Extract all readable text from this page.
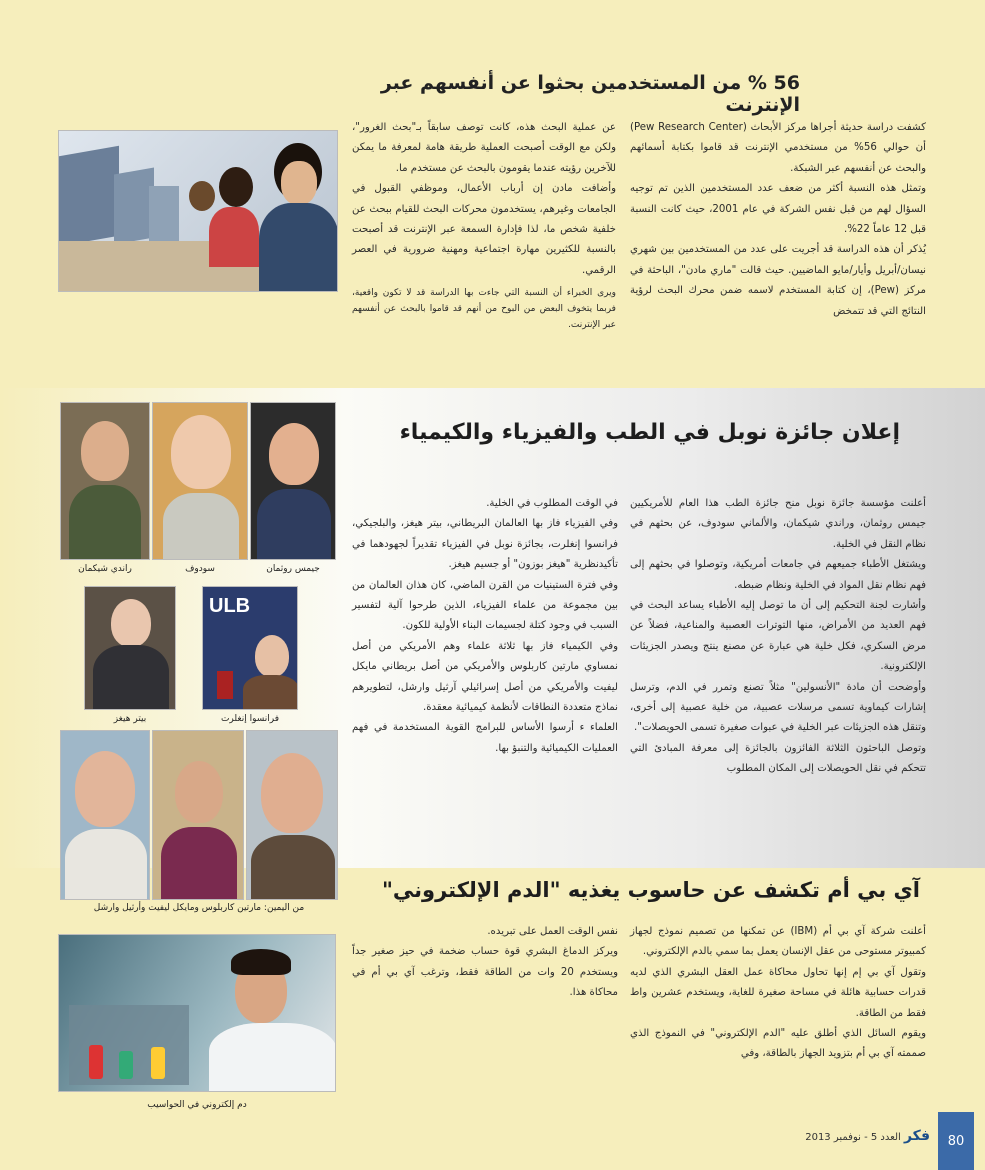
56 % من المستخدمين بحثوا عن أنفسهم عبر الإنترنت

كشفت دراسة حديثة أجراها مركز الأبحاث (Pew Research Center) أن حوالي 56% من مستخدمي الإنترنت قد قاموا بكتابة أسمائهم والبحث عن أنفسهم عبر الشبكة.

وتمثل هذه النسبة أكثر من ضعف عدد المستخدمين الذين تم توجيه السؤال لهم من قبل نفس الشركة في عام 2001، حيث كانت النسبة قبل 12 عاماً 22%.

يُذكر أن هذه الدراسة قد أجريت على عدد من المستخدمين بين شهري نيسان/أبريل وأيار/مايو الماضيين. حيث قالت "ماري مادن"، الباحثة في مركز (Pew)، إن كتابة المستخدم لاسمه ضمن محرك البحث لرؤية النتائج التي قد تتمخض

عن عملية البحث هذه، كانت توصف سابقاً بـ"بحث الغرور"، ولكن مع الوقت أصبحت العملية طريقة هامة لمعرفة ما يمكن للآخرين رؤيته عندما يقومون بالبحث عن مستخدم ما.

وأضافت مادن إن أرباب الأعمال، وموظفي القبول في الجامعات وغيرهم، يستخدمون محركات البحث للقيام ببحث عن خلفية شخص ما، لذا فإدارة السمعة عبر الإنترنت قد أصبحت بالنسبة للكثيرين مهارة اجتماعية ومهنية ضرورية في العصر الرقمي.

ويرى الخبراء أن النسبة التي جاءت بها الدراسة قد لا تكون واقعية، فربما يتخوف البعض من البوح من أنهم قد قاموا بالبحث عن أنفسهم عبر الإنترنت.

إعلان جائزة نوبل في الطب والفيزياء والكيمياء

أعلنت مؤسسة جائزة نوبل منح جائزة الطب هذا العام للأمريكيين جيمس روثمان، وراندي شيكمان، والألماني سودوف، عن بحثهم في نظام النقل في الخلية.

ويشتغل الأطباء جميعهم في جامعات أمريكية، وتوصلوا في بحثهم إلى فهم نظام نقل المواد في الخلية ونظام ضبطه.

وأشارت لجنة التحكيم إلى أن ما توصل إليه الأطباء يساعد البحث في فهم العديد من الأمراض، منها التوترات العصبية والمناعية، فضلاً عن مرض السكري، فكل خلية هي عبارة عن مصنع ينتج ويصدر الجزيئات الإلكترونية.

وأوضحت أن مادة "الأنسولين" مثلاً تصنع وتمرر في الدم، وترسل إشارات كيماوية تسمى مرسلات عصبية، من خلية عصبية إلى أخرى، وتنقل هذه الجزيئات عبر الخلية في عبوات صغيرة تسمى الحويصلات".

وتوصل الباحثون الثلاثة الفائزون بالجائزة إلى معرفة المبادئ التي تتحكم في نقل الحويصلات إلى المكان المطلوب

في الوقت المطلوب في الخلية.

وفي الفيزياء فاز بها العالمان البريطاني، بيتر هيغز، والبلجيكي، فرانسوا إنغلرت، بجائزة نوبل في الفيزياء تقديراً لجهودهما في تأكيدنظرية "هيغز بوزون" أو جسيم هيغز.

وفي فترة الستينيات من القرن الماضي، كان هذان العالمان من بين مجموعة من علماء الفيزياء، الذين طرحوا آلية لتفسير السبب في وجود كتلة لجسيمات البناء الأولية للكون.

وفي الكيمياء فاز بها ثلاثة علماء وهم الأمريكي من أصل نمساوي مارتين كاربلوس والأمريكي من أصل بريطاني مايكل ليفيت والأمريكي من أصل إسرائيلي آرثيل وارشل، لتطويرهم نماذج متعددة النطاقات لأنظمة كيميائية معقدة.

العلماء ء أرسوا الأساس للبرامج القوية المستخدمة في فهم العمليات الكيميائية والتنبؤ بها.

جيمس روثمان
سودوف
راندي شيكمان
ULB
فرانسوا إنغلرت
بيتر هيغز
من اليمين: مارتين كاربلوس ومايكل ليفيت وأرثيل وارشل
آي بي أم تكشف عن حاسوب يغذيه "الدم الإلكتروني"

أعلنت شركة آي بي أم (IBM) عن تمكنها من تصميم نموذج لجهاز كمبيوتر مستوحى من عقل الإنسان يعمل بما سمي بالدم الإلكتروني.

وتقول آي بي إم إنها تحاول محاكاة عمل العقل البشري الذي لديه قدرات حسابية هائلة في مساحة صغيرة للغاية، ويستخدم عشرين واط فقط من الطاقة.

ويقوم السائل الذي أطلق عليه "الدم الإلكتروني" في النموذج الذي صممته آي بي أم بتزويد الجهاز بالطاقة، وفي

نفس الوقت العمل على تبريده.

ويركز الدماغ البشري قوة حساب ضخمة في حيز صغير جداً ويستخدم 20 وات من الطاقة فقط، وترغب آي بي أم في محاكاة هذا.

دم إلكتروني في الحواسيب
فكر العدد 5 - نوفمبر 2013	80
